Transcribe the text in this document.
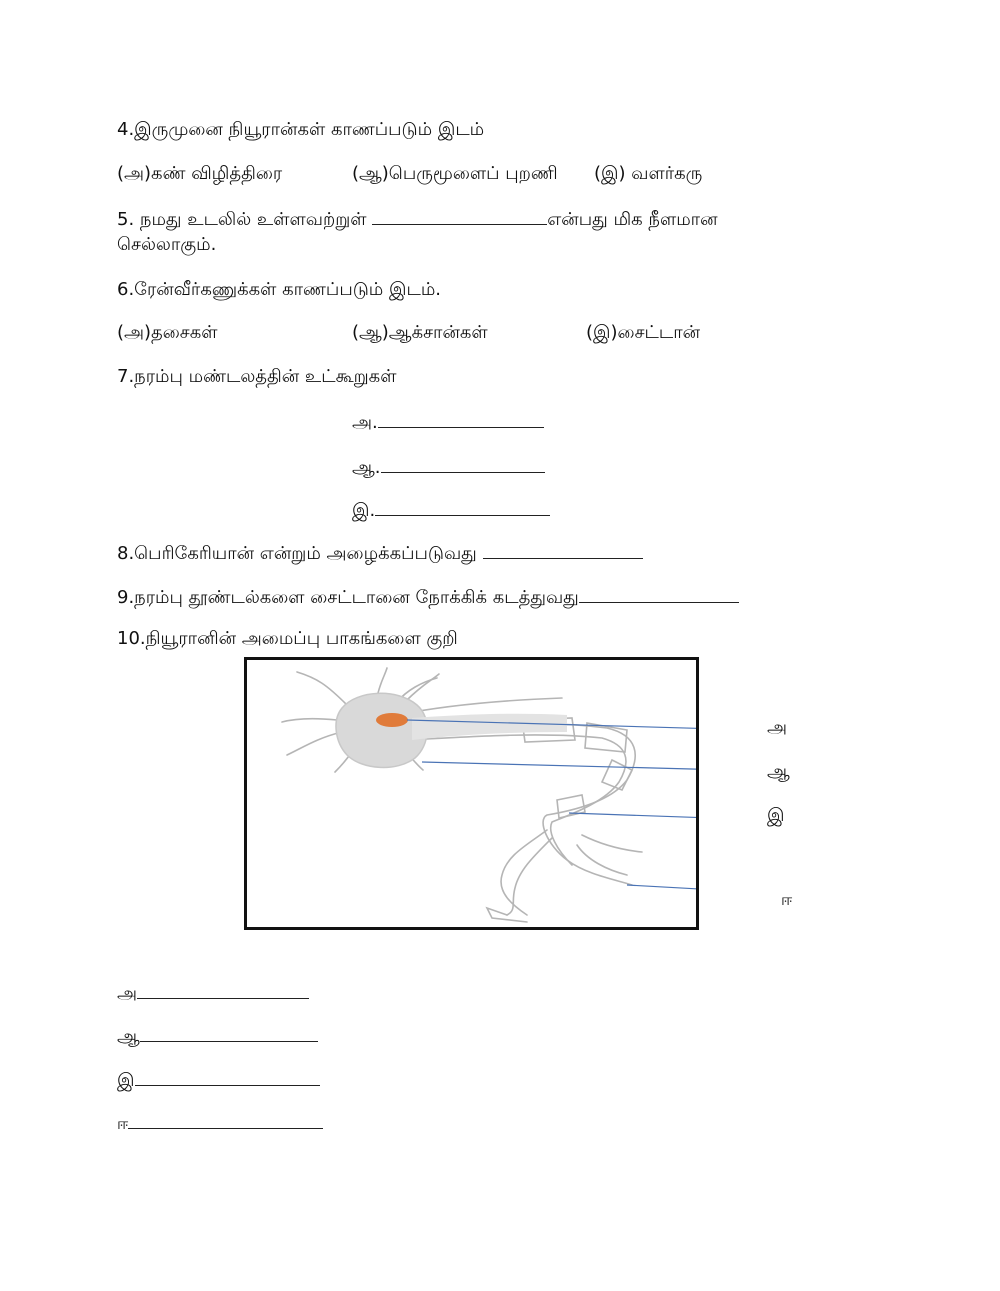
4.இருமுனை நியூரான்கள் காணப்படும் இடம்
(அ)கண் விழித்திரை	(ஆ)பெருமூளைப் புறணி (இ) வளர்கரு
5. நமது உடலில் உள்ளவற்றுள்	என்பது மிக நீளமான
செல்லாகும்.
6.ரேன்வீர்கணுக்கள் காணப்படும் இடம்.
(அ)தசைகள்	(ஆ)ஆக்சான்கள்	(இ)சைட்டான்
7.நரம்பு மண்டலத்தின் உட்கூறுகள்
அ.
ஆ.
இ.
8.பெரிகேரியான் என்றும் அழைக்கப்படுவது
9.நரம்பு தூண்டல்களை சைட்டானை நோக்கிக் கடத்துவது
10.நியூரானின் அமைப்பு பாகங்களை குறி
அ
ஆ
இ
ஈ
அ
ஆ
இ
ஈ
